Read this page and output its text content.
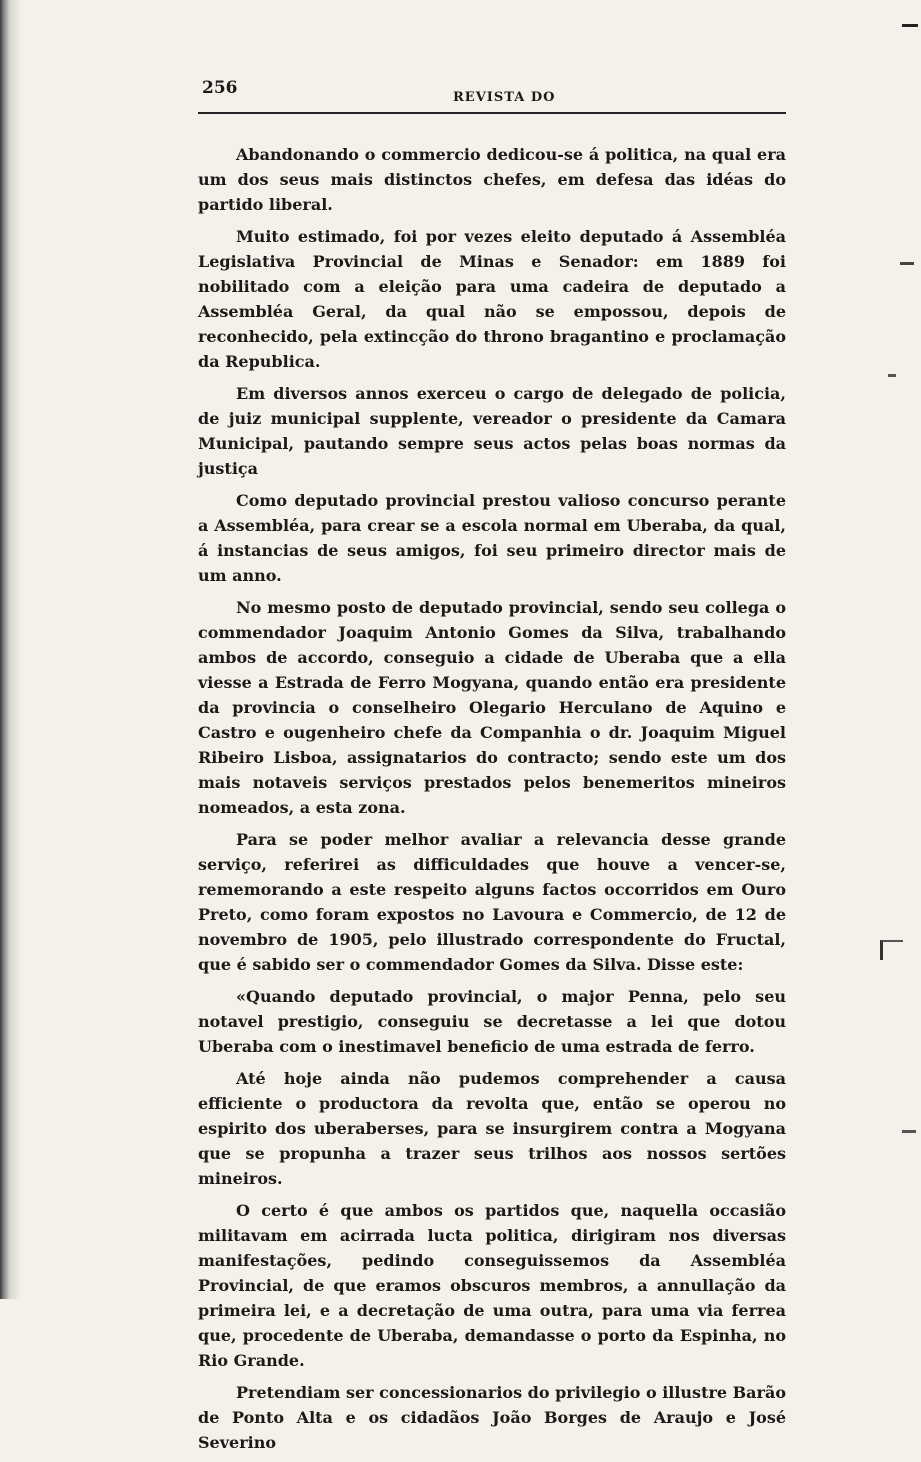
256	REVISTA DO

Abandonando o commercio dedicou-se á politica, na qual era um dos seus mais distinctos chefes, em defesa das idéas do partido liberal.

Muito estimado, foi por vezes eleito deputado á Assembléa Legislativa Provincial de Minas e Senador: em 1889 foi nobilitado com a eleição para uma cadeira de deputado a Assembléa Geral, da qual não se empossou, depois de reconhecido, pela extincção do throno bragantino e proclamação da Republica.

Em diversos annos exerceu o cargo de delegado de policia, de juiz municipal supplente, vereador o presidente da Camara Municipal, pautando sempre seus actos pelas boas normas da justiça

Como deputado provincial prestou valioso concurso perante a Assembléa, para crear se a escola normal em Uberaba, da qual, á instancias de seus amigos, foi seu primeiro director mais de um anno.

No mesmo posto de deputado provincial, sendo seu collega o commendador Joaquim Antonio Gomes da Silva, trabalhando ambos de accordo, conseguio a cidade de Uberaba que a ella viesse a Estrada de Ferro Mogyana, quando então era presidente da provincia o conselheiro Olegario Herculano de Aquino e Castro e ougenheiro chefe da Companhia o dr. Joaquim Miguel Ribeiro Lisboa, assignatarios do contracto; sendo este um dos mais notaveis serviços prestados pelos benemeritos mineiros nomeados, a esta zona.

Para se poder melhor avaliar a relevancia desse grande serviço, referirei as difficuldades que houve a vencer-se, rememorando a este respeito alguns factos occorridos em Ouro Preto, como foram expostos no Lavoura e Commercio, de 12 de novembro de 1905, pelo illustrado correspondente do Fructal, que é sabido ser o commendador Gomes da Silva. Disse este:

«Quando deputado provincial, o major Penna, pelo seu notavel prestigio, conseguiu se decretasse a lei que dotou Uberaba com o inestimavel beneficio de uma estrada de ferro.

Até hoje ainda não pudemos comprehender a causa efficiente o productora da revolta que, então se operou no espirito dos uberaberses, para se insurgirem contra a Mogyana que se propunha a trazer seus trilhos aos nossos sertões mineiros.

O certo é que ambos os partidos que, naquella occasião militavam em acirrada lucta politica, dirigiram nos diversas manifestações, pedindo conseguissemos da Assembléa Provincial, de que eramos obscuros membros, a annullação da primeira lei, e a decretação de uma outra, para uma via ferrea que, procedente de Uberaba, demandasse o porto da Espinha, no Rio Grande.

Pretendiam ser concessionarios do privilegio o illustre Barão de Ponto Alta e os cidadãos João Borges de Araujo e José Severino
